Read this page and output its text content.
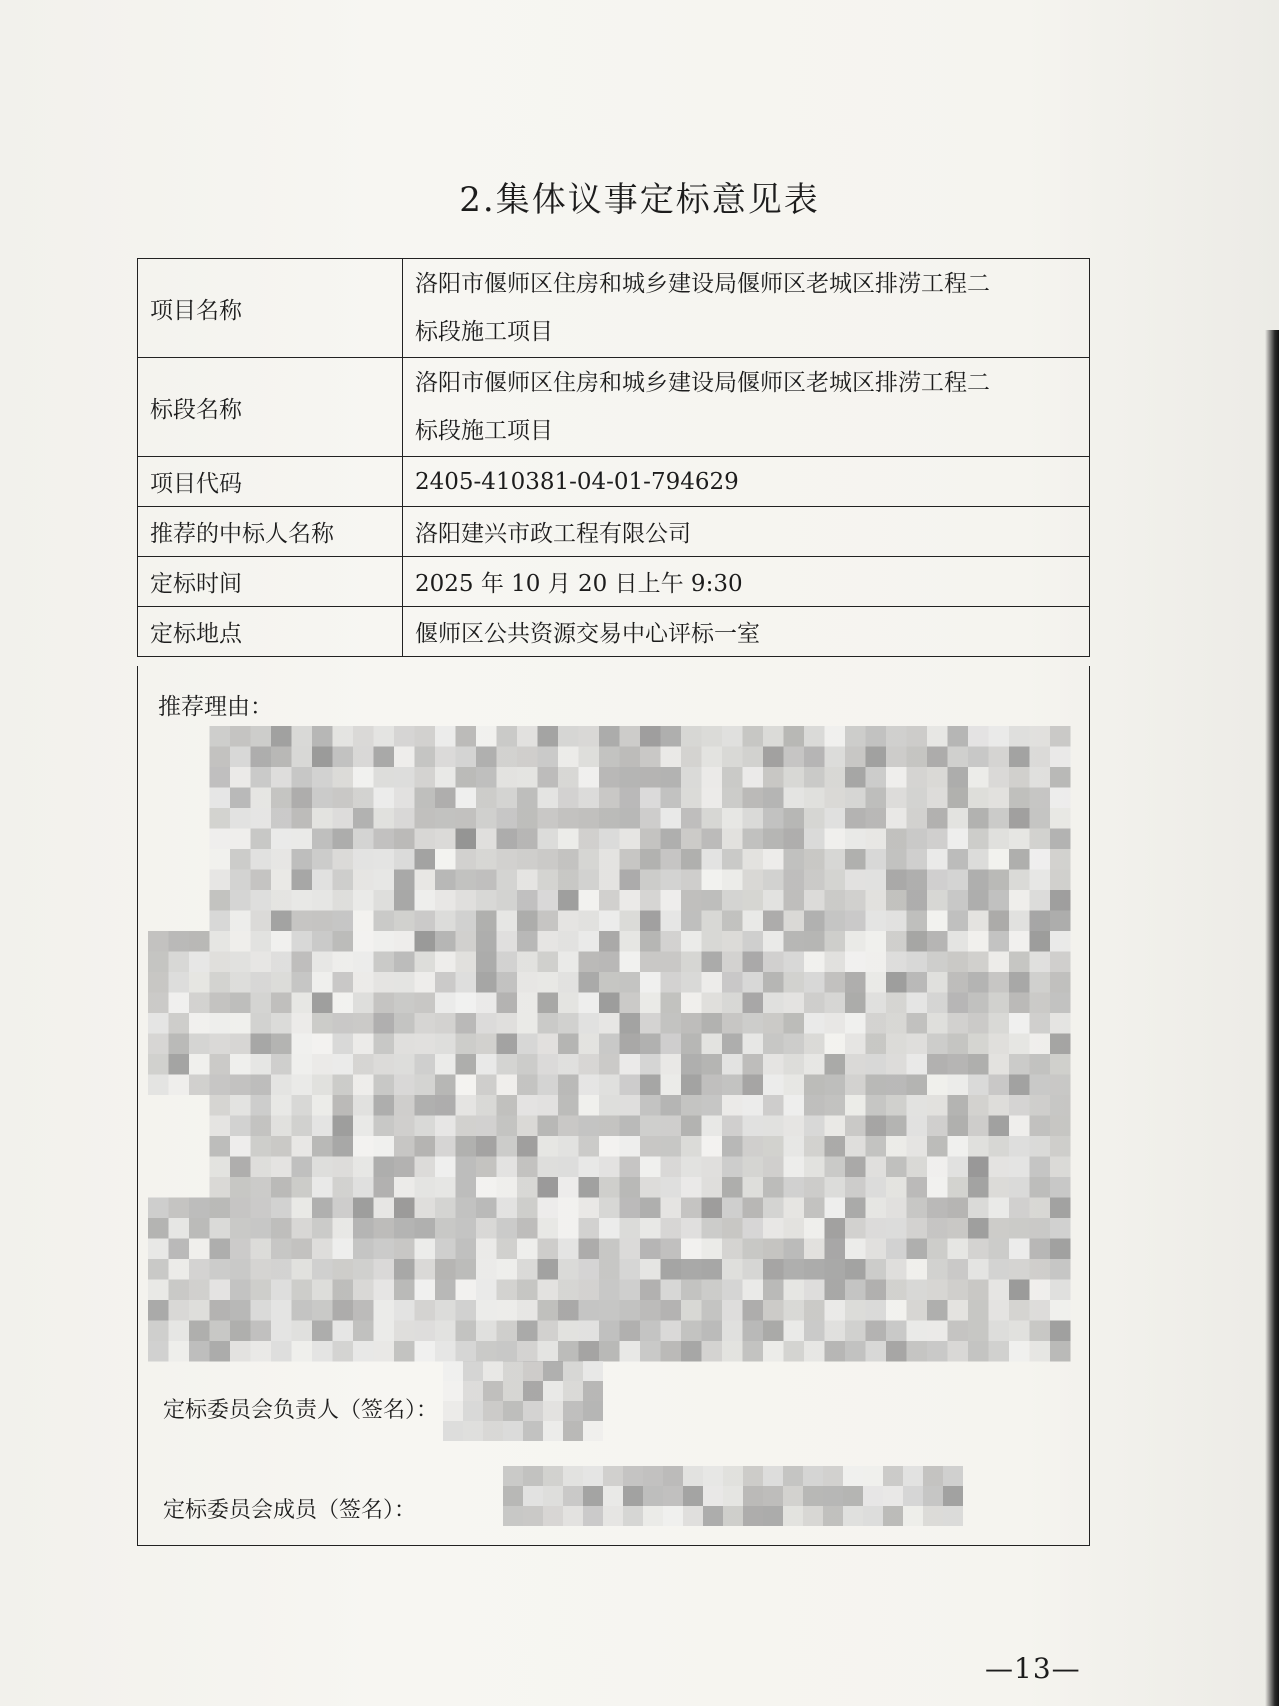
2.集体议事定标意见表
项目名称	洛阳市偃师区住房和城乡建设局偃师区老城区排涝工程二
标段施工项目

标段名称	洛阳市偃师区住房和城乡建设局偃师区老城区排涝工程二
标段施工项目

项目代码	2405-410381-04-01-794629
推荐的中标人名称	洛阳建兴市政工程有限公司
定标时间	2025 年 10 月 20 日上午 9:30
定标地点	偃师区公共资源交易中心评标一室
推荐理由：
定标委员会负责人（签名）：
定标委员会成员（签名）：
—13—
